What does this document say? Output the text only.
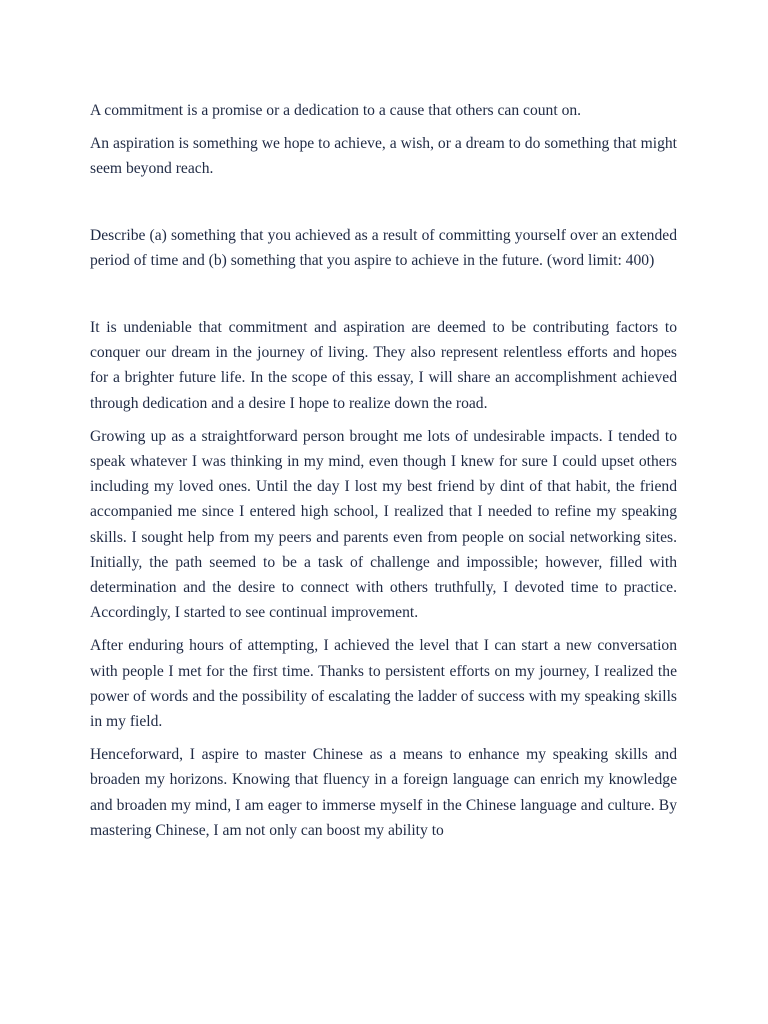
A commitment is a promise or a dedication to a cause that others can count on.

An aspiration is something we hope to achieve, a wish, or a dream to do something that might seem beyond reach.

Describe (a) something that you achieved as a result of committing yourself over an extended period of time and (b) something that you aspire to achieve in the future. (word limit: 400)

It is undeniable that commitment and aspiration are deemed to be contributing factors to conquer our dream in the journey of living. They also represent relentless efforts and hopes for a brighter future life. In the scope of this essay, I will share an accomplishment achieved through dedication and a desire I hope to realize down the road.

Growing up as a straightforward person brought me lots of undesirable impacts. I tended to speak whatever I was thinking in my mind, even though I knew for sure I could upset others including my loved ones. Until the day I lost my best friend by dint of that habit, the friend accompanied me since I entered high school, I realized that I needed to refine my speaking skills. I sought help from my peers and parents even from people on social networking sites. Initially, the path seemed to be a task of challenge and impossible; however, filled with determination and the desire to connect with others truthfully, I devoted time to practice. Accordingly, I started to see continual improvement.

After enduring hours of attempting, I achieved the level that I can start a new conversation with people I met for the first time. Thanks to persistent efforts on my journey, I realized the power of words and the possibility of escalating the ladder of success with my speaking skills in my field.

Henceforward, I aspire to master Chinese as a means to enhance my speaking skills and broaden my horizons. Knowing that fluency in a foreign language can enrich my knowledge and broaden my mind, I am eager to immerse myself in the Chinese language and culture. By mastering Chinese, I am not only can boost my ability to
